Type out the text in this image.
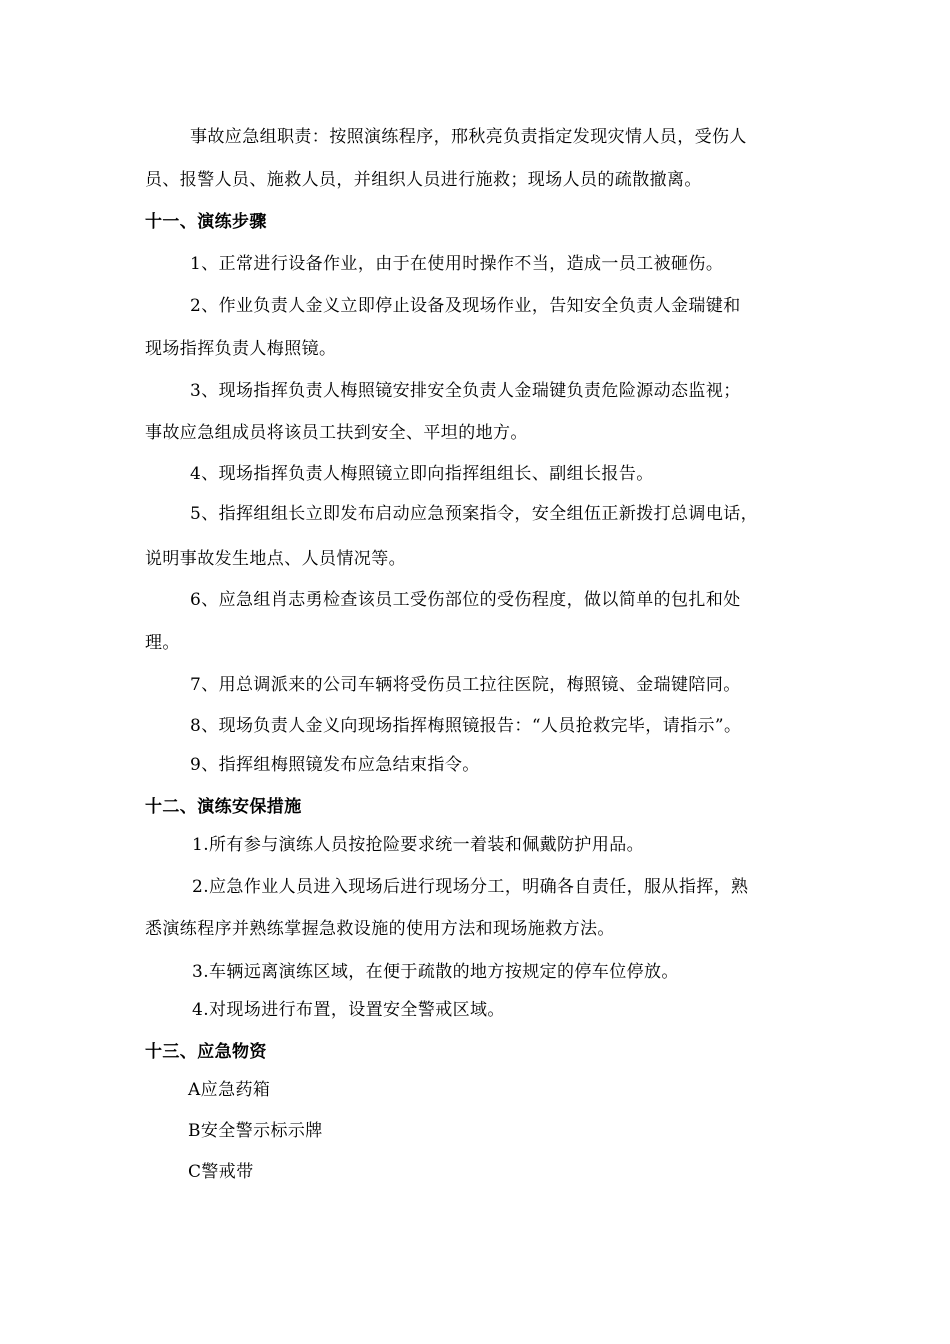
事故应急组职责：按照演练程序，邢秋亮负责指定发现灾情人员，受伤人
员、报警人员、施救人员，并组织人员进行施救；现场人员的疏散撤离。
十一、演练步骤
1、正常进行设备作业，由于在使用时操作不当，造成一员工被砸伤。
2、作业负责人金义立即停止设备及现场作业，告知安全负责人金瑞键和
现场指挥负责人梅照镜。
3、现场指挥负责人梅照镜安排安全负责人金瑞键负责危险源动态监视；
事故应急组成员将该员工扶到安全、平坦的地方。
4、现场指挥负责人梅照镜立即向指挥组组长、副组长报告。
5、指挥组组长立即发布启动应急预案指令，安全组伍正新拨打总调电话，
说明事故发生地点、人员情况等。
6、应急组肖志勇检查该员工受伤部位的受伤程度，做以简单的包扎和处
理。
7、用总调派来的公司车辆将受伤员工拉往医院，梅照镜、金瑞键陪同。
8、现场负责人金义向现场指挥梅照镜报告：“人员抢救完毕，请指示”。
9、指挥组梅照镜发布应急结束指令。
十二、演练安保措施
1.所有参与演练人员按抢险要求统一着装和佩戴防护用品。
2.应急作业人员进入现场后进行现场分工，明确各自责任，服从指挥，熟
悉演练程序并熟练掌握急救设施的使用方法和现场施救方法。
3.车辆远离演练区域，在便于疏散的地方按规定的停车位停放。
4.对现场进行布置，设置安全警戒区域。
十三、应急物资
A应急药箱
B安全警示标示牌
C警戒带
